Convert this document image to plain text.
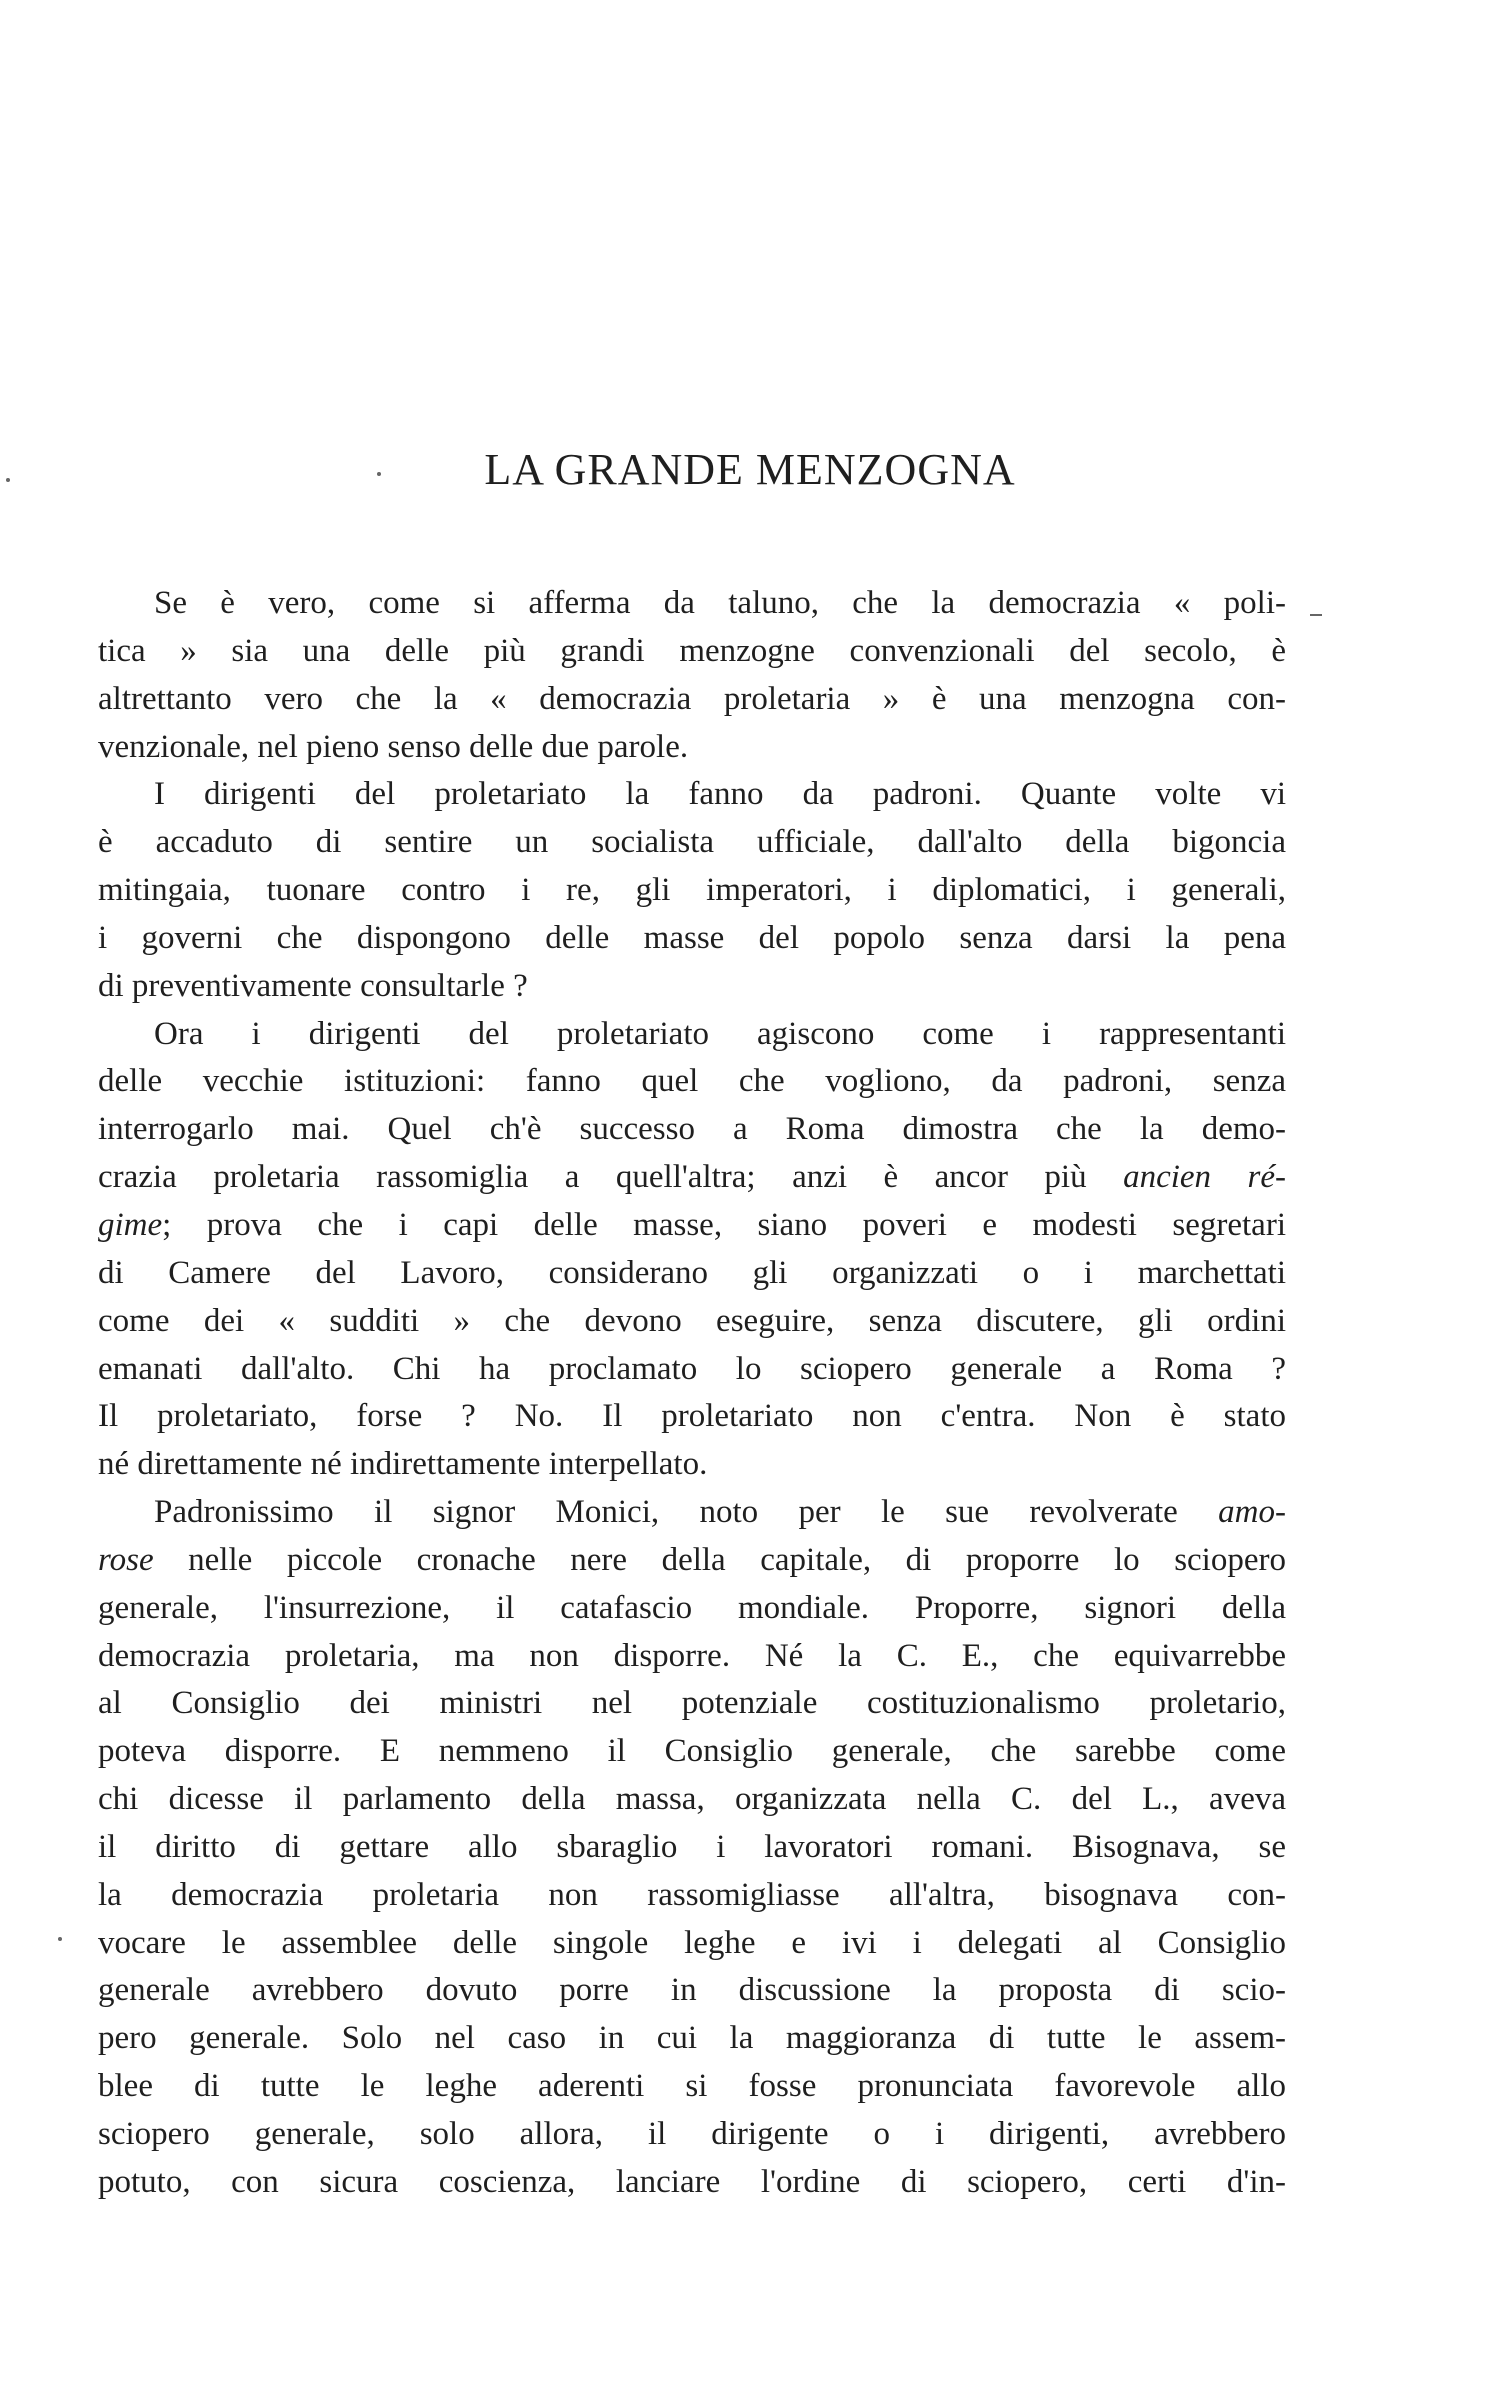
LA GRANDE MENZOGNA
Se è vero, come si afferma da taluno, che la democrazia « poli-
tica » sia una delle più grandi menzogne convenzionali del secolo, è
altrettanto vero che la « democrazia proletaria » è una menzogna con-
venzionale, nel pieno senso delle due parole.
I dirigenti del proletariato la fanno da padroni. Quante volte vi
è accaduto di sentire un socialista ufficiale, dall'alto della bigoncia
mitingaia, tuonare contro i re, gli imperatori, i diplomatici, i generali,
i governi che dispongono delle masse del popolo senza darsi la pena
di preventivamente consultarle ?
Ora i dirigenti del proletariato agiscono come i rappresentanti
delle vecchie istituzioni: fanno quel che vogliono, da padroni, senza
interrogarlo mai. Quel ch'è successo a Roma dimostra che la demo-
crazia proletaria rassomiglia a quell'altra; anzi è ancor più ancien ré-
gime; prova che i capi delle masse, siano poveri e modesti segretari
di Camere del Lavoro, considerano gli organizzati o i marchettati
come dei « sudditi » che devono eseguire, senza discutere, gli ordini
emanati dall'alto. Chi ha proclamato lo sciopero generale a Roma ?
Il proletariato, forse ? No. Il proletariato non c'entra. Non è stato
né direttamente né indirettamente interpellato.
Padronissimo il signor Monici, noto per le sue revolverate amo-
rose nelle piccole cronache nere della capitale, di proporre lo sciopero
generale, l'insurrezione, il catafascio mondiale. Proporre, signori della
democrazia proletaria, ma non disporre. Né la C. E., che equivarrebbe
al Consiglio dei ministri nel potenziale costituzionalismo proletario,
poteva disporre. E nemmeno il Consiglio generale, che sarebbe come
chi dicesse il parlamento della massa, organizzata nella C. del L., aveva
il diritto di gettare allo sbaraglio i lavoratori romani. Bisognava, se
la democrazia proletaria non rassomigliasse all'altra, bisognava con-
vocare le assemblee delle singole leghe e ivi i delegati al Consiglio
generale avrebbero dovuto porre in discussione la proposta di scio-
pero generale. Solo nel caso in cui la maggioranza di tutte le assem-
blee di tutte le leghe aderenti si fosse pronunciata favorevole allo
sciopero generale, solo allora, il dirigente o i dirigenti, avrebbero
potuto, con sicura coscienza, lanciare l'ordine di sciopero, certi d'in-
